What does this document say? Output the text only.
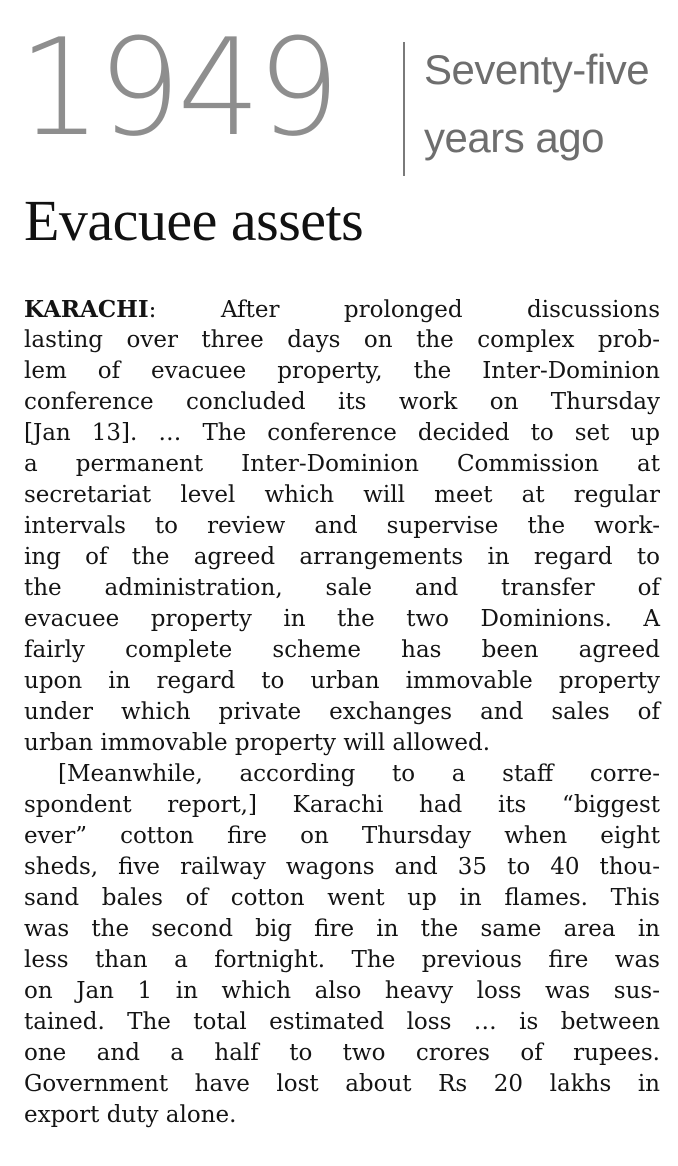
1949 Seventy-five
years ago
Evacuee assets
KARACHI: After prolonged discussions
lasting over three days on the complex prob-
lem of evacuee property, the Inter-Dominion
conference concluded its work on Thursday
[Jan 13]. … The conference decided to set up
a permanent Inter-Dominion Commission at
secretariat level which will meet at regular
intervals to review and supervise the work-
ing of the agreed arrangements in regard to
the administration, sale and transfer of
evacuee property in the two Dominions. A
fairly complete scheme has been agreed
upon in regard to urban immovable property
under which private exchanges and sales of
urban immovable property will allowed.
[Meanwhile, according to a staff corre-
spondent report,] Karachi had its “biggest
ever” cotton fire on Thursday when eight
sheds, five railway wagons and 35 to 40 thou-
sand bales of cotton went up in flames. This
was the second big fire in the same area in
less than a fortnight. The previous fire was
on Jan 1 in which also heavy loss was sus-
tained. The total estimated loss … is between
one and a half to two crores of rupees.
Government have lost about Rs 20 lakhs in
export duty alone.
